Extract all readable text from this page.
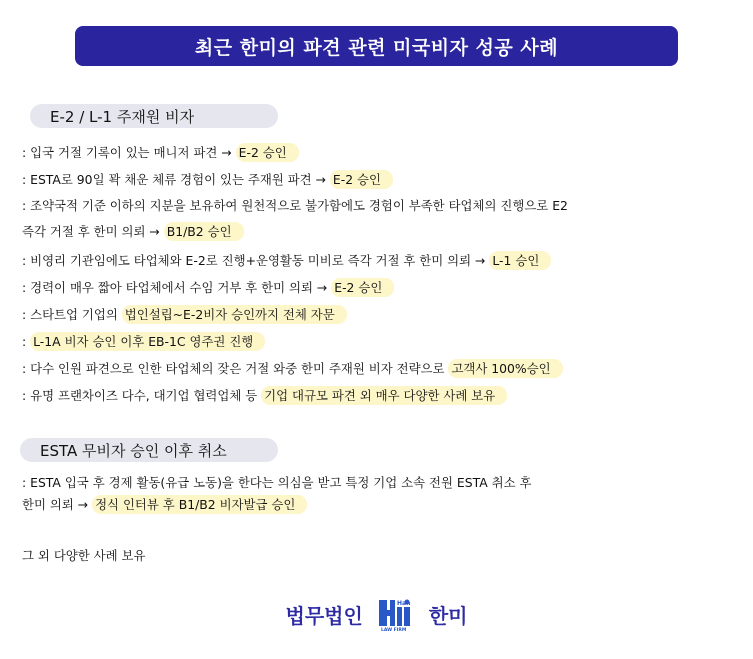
최근 한미의 파견 관련 미국비자 성공 사례
E-2 / L-1 주재원 비자
: 입국 거절 기록이 있는 매니저 파견 → E-2 승인
: ESTA로 90일 꽉 채운 체류 경험이 있는 주재원 파견 → E-2 승인
: 조약국적 기준 이하의 지분을 보유하여 원천적으로 불가함에도 경험이 부족한 타업체의 진행으로 E2
즉각 거절 후 한미 의뢰 → B1/B2 승인
: 비영리 기관임에도 타업체와 E-2로 진행+운영활동 미비로 즉각 거절 후 한미 의뢰 → L-1 승인
: 경력이 매우 짧아 타업체에서 수임 거부 후 한미 의뢰 → E-2 승인
: 스타트업 기업의 법인설립~E-2비자 승인까지 전체 자문
: L-1A 비자 승인 이후 EB-1C 영주권 진행
: 다수 인원 파견으로 인한 타업체의 잦은 거절 와중 한미 주재원 비자 전략으로 고객사 100%승인
: 유명 프랜차이즈 다수, 대기업 협력업체 등 기업 대규모 파견 외 매우 다양한 사례 보유
ESTA 무비자 승인 이후 취소
: ESTA 입국 후 경제 활동(유급 노동)을 한다는 의심을 받고 특정 기업 소속 전원 ESTA 취소 후
한미 의뢰 → 정식 인터뷰 후 B1/B2 비자발급 승인
그 외 다양한 사례 보유
법무법인	Han
LAW FIRM
한미
